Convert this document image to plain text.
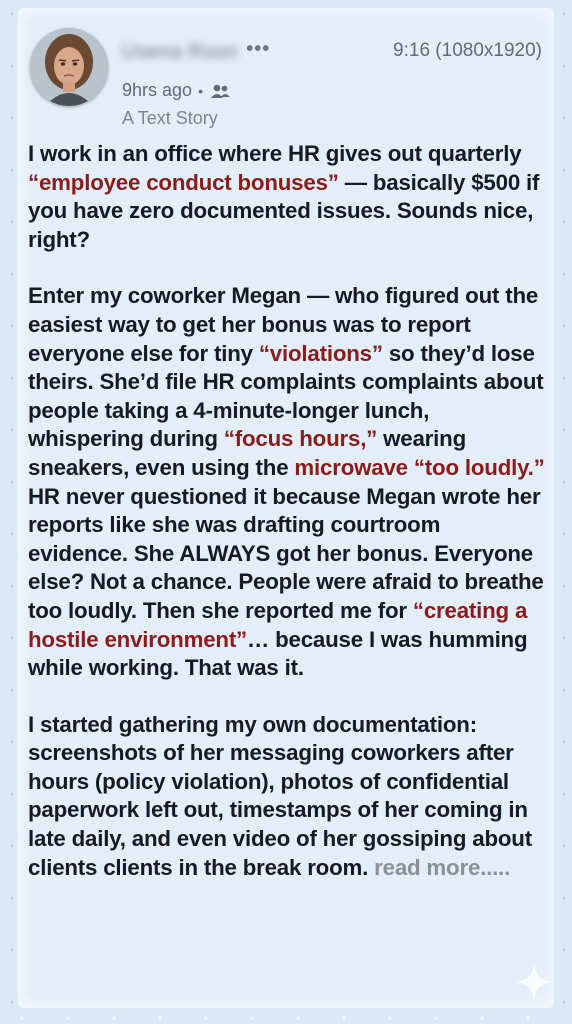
Usena Roon •••	9:16 (1080x1920)
9hrs ago •
A Text Story

I work in an office where HR gives out quarterly “employee conduct bonuses” — basically $500 if you have zero documented issues. Sounds nice, right?

Enter my coworker Megan — who figured out the easiest way to get her bonus was to report everyone else for tiny “violations” so they’d lose theirs. She’d file HR complaints complaints about people taking a 4-minute-longer lunch, whispering during “focus hours,” wearing sneakers, even using the microwave “too loudly.” HR never questioned it because Megan wrote her reports like she was drafting courtroom evidence. She ALWAYS got her bonus. Everyone else? Not a chance. People were afraid to breathe too loudly. Then she reported me for “creating a hostile environment”… because I was humming while working. That was it.

I started gathering my own documentation: screenshots of her messaging coworkers after hours (policy violation), photos of confidential paperwork left out, timestamps of her coming in late daily, and even video of her gossiping about clients clients in the break room. read more.....
